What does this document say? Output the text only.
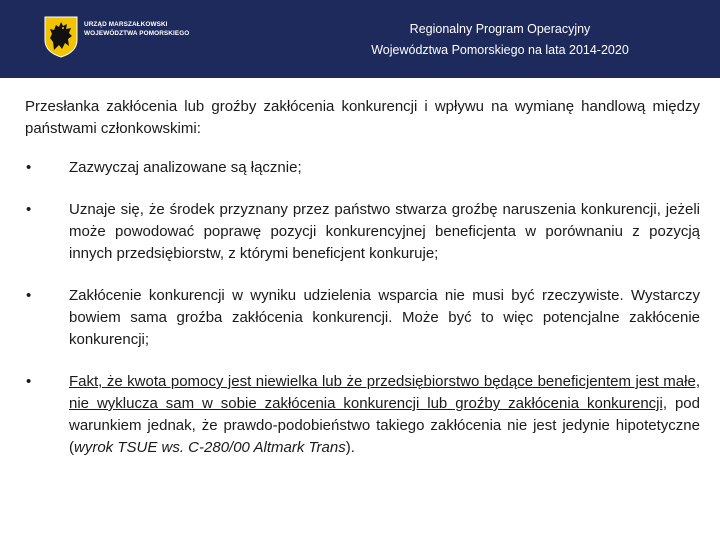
URZĄD MARSZAŁKOWSKI
WOJEWÓDZTWA POMORSKIEGO	Regionalny Program Operacyjny
Województwa Pomorskiego na lata 2014-2020

Przesłanka zakłócenia lub groźby zakłócenia konkurencji i wpływu na wymianę handlową między państwami członkowskimi:

•	Zazwyczaj analizowane są łącznie;
•	Uznaje się, że środek przyznany przez państwo stwarza groźbę naruszenia konkurencji, jeżeli może powodować poprawę pozycji konkurencyjnej beneficjenta w porównaniu z pozycją innych przedsiębiorstw, z którymi beneficjent konkuruje;
•	Zakłócenie konkurencji w wyniku udzielenia wsparcia nie musi być rzeczywiste. Wystarczy bowiem sama groźba zakłócenia konkurencji. Może być to więc potencjalne zakłócenie konkurencji;
•	Fakt, że kwota pomocy jest niewielka lub że przedsiębiorstwo będące beneficjentem jest małe, nie wyklucza sam w sobie zakłócenia konkurencji lub groźby zakłócenia konkurencji, pod warunkiem jednak, że prawdo-podobieństwo takiego zakłócenia nie jest jedynie hipotetyczne (wyrok TSUE ws. C-280/00 Altmark Trans).
